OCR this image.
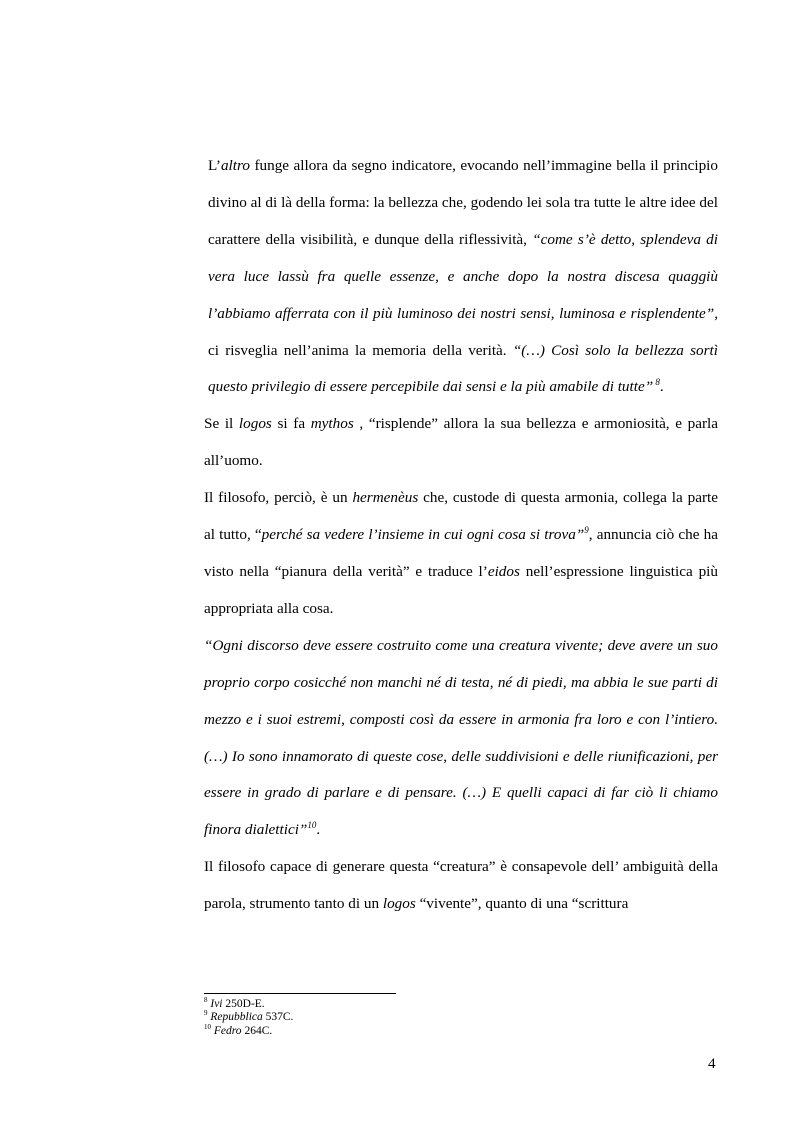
L’altro funge allora da segno indicatore, evocando nell’immagine bella il principio divino al di là della forma: la bellezza che, godendo lei sola tra tutte le altre idee del carattere della visibilità, e dunque della riflessività, “come s’è detto, splendeva di vera luce lassù fra quelle essenze, e anche dopo la nostra discesa quaggiù l’abbiamo afferrata con il più luminoso dei nostri sensi, luminosa e risplendente”, ci risveglia nell’anima la memoria della verità. “(…) Così solo la bellezza sortì questo privilegio di essere percepibile dai sensi e la più amabile di tutte” $^8$.

Se il logos si fa mythos , “risplende” allora la sua bellezza e armoniosità, e parla all’uomo.

Il filosofo, perciò, è un hermenèus che, custode di questa armonia, collega la parte al tutto, “perché sa vedere l’insieme in cui ogni cosa si trova”$^9$, annuncia ciò che ha visto nella “pianura della verità” e traduce l’eidos nell’espressione linguistica più appropriata alla cosa.

“Ogni discorso deve essere costruito come una creatura vivente; deve avere un suo proprio corpo cosicché non manchi né di testa, né di piedi, ma abbia le sue parti di mezzo e i suoi estremi, composti così da essere in armonia fra loro e con l’intiero. (…) Io sono innamorato di queste cose, delle suddivisioni e delle riunificazioni, per essere in grado di parlare e di pensare. (…) E quelli capaci di far ciò li chiamo finora dialettici”$^{10}$.

Il filosofo capace di generare questa “creatura” è consapevole dell’ ambiguità della parola, strumento tanto di un logos “vivente”, quanto di una “scrittura

$^8$ Ivi 250D-E.
$^9$ Repubblica 537C.
$^{10}$ Fedro 264C.
4
